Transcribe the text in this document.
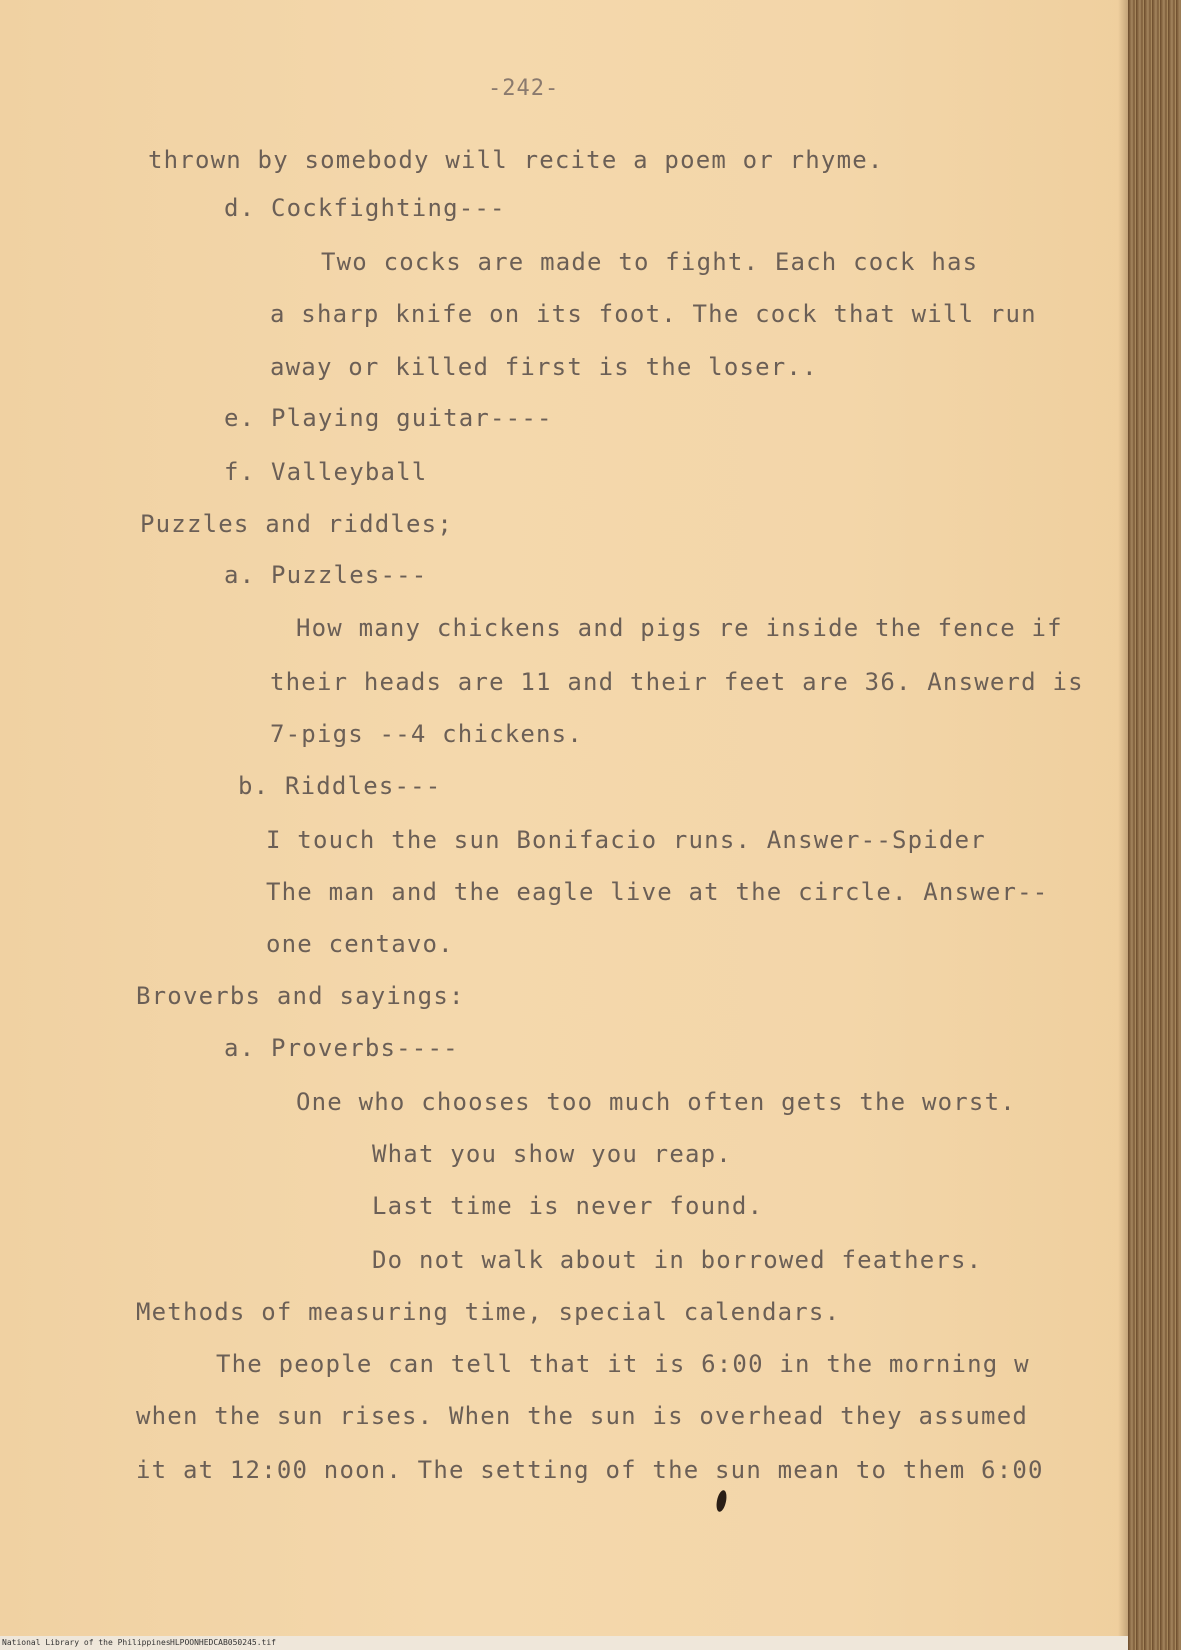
-242-
thrown by somebody will recite a poem or rhyme.
d. Cockfighting---
Two cocks are made to fight. Each cock has
a sharp knife on its foot. The cock that will run
away or killed first is the loser..
e. Playing guitar----
f. Valleyball
Puzzles and riddles;
a. Puzzles---
How many chickens and pigs re inside the fence if
their heads are 11 and their feet are 36. Answerd is
7-pigs --4 chickens.
b. Riddles---
I touch the sun Bonifacio runs. Answer--Spider
The man and the eagle live at the circle. Answer--
one centavo.
Broverbs and sayings:
a. Proverbs----
One who chooses too much often gets the worst.
What you show you reap.
Last time is never found.
Do not walk about in borrowed feathers.
Methods of measuring time, special calendars.
The people can tell that it is 6:00 in the morning w
when the sun rises. When the sun is overhead they assumed
it at 12:00 noon. The setting of the sun mean to them 6:00
National Library of the Philippines HLPOONHEDCAB050245.tif
